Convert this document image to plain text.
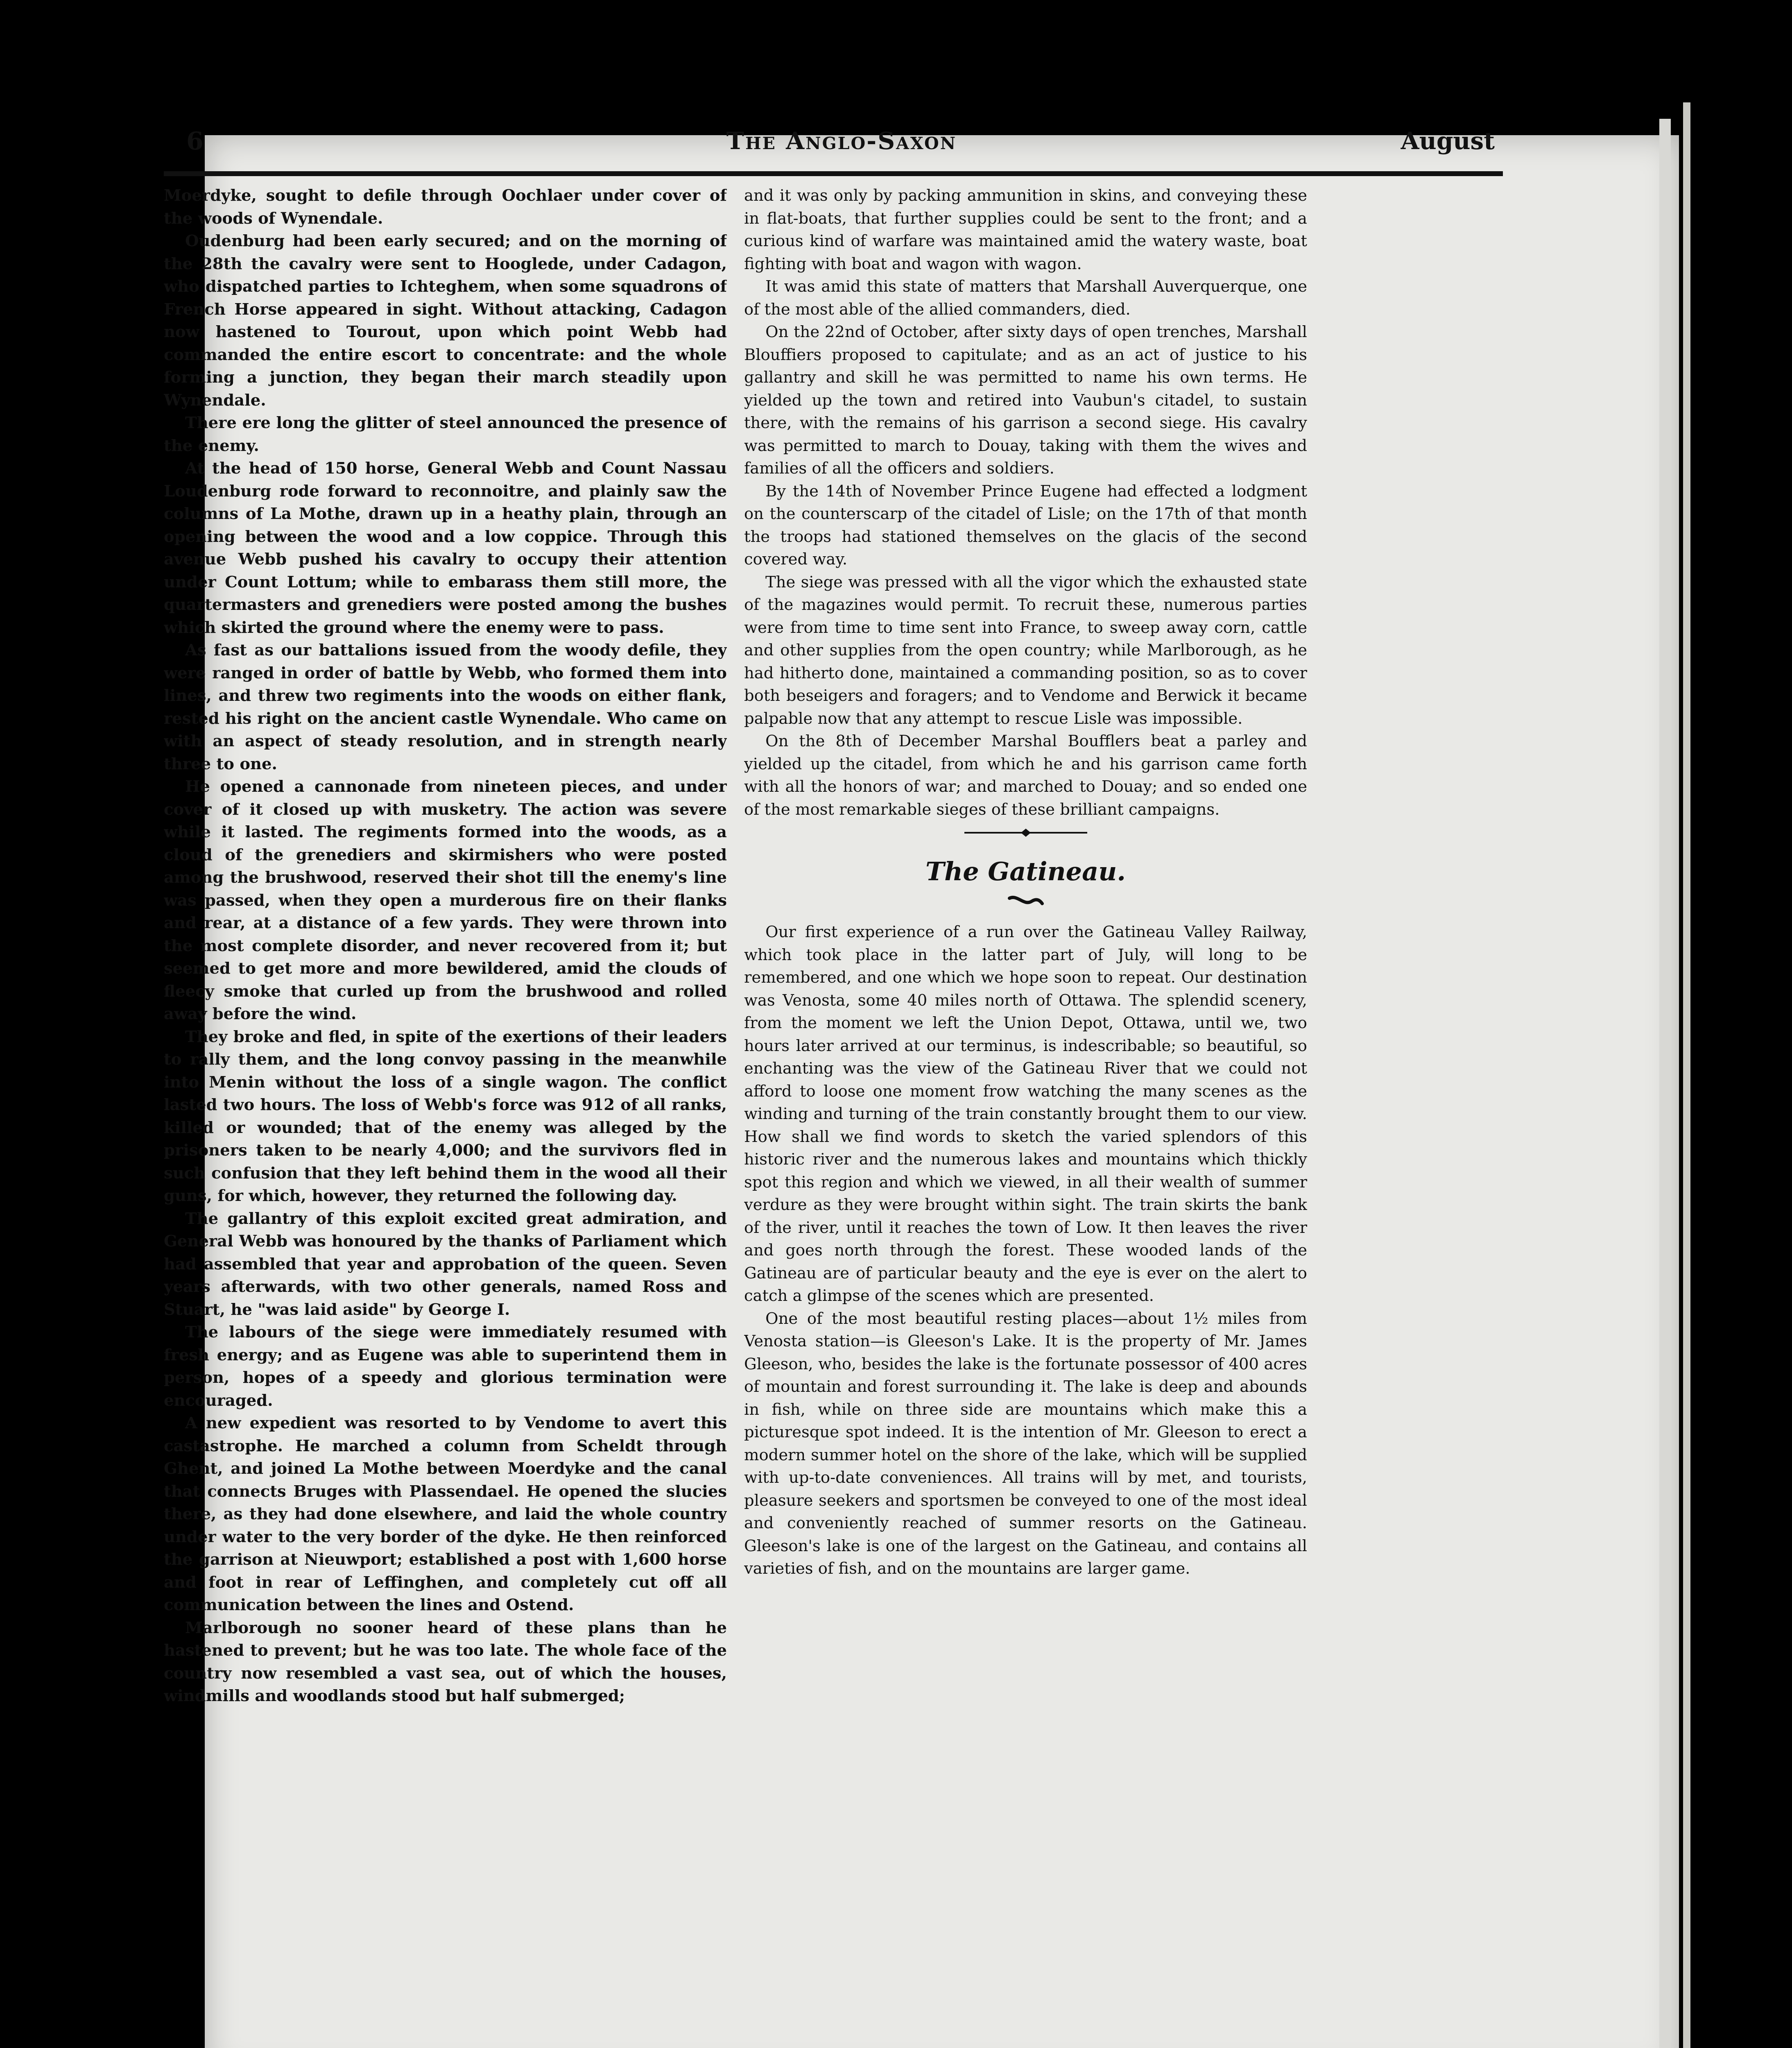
6	The Anglo-Saxon	August

Moerdyke, sought to defile through Oochlaer under cover of the woods of Wynendale.

Oudenburg had been early secured; and on the morning of the 28th the cavalry were sent to Hooglede, under Cadagon, who dispatched parties to Ichteghem, when some squadrons of French Horse appeared in sight. Without attacking, Cadagon now hastened to Tourout, upon which point Webb had commanded the entire escort to concentrate: and the whole forming a junction, they began their march steadily upon Wynendale.

There ere long the glitter of steel announced the presence of the enemy.

At the head of 150 horse, General Webb and Count Nassau Loudenburg rode forward to reconnoitre, and plainly saw the columns of La Mothe, drawn up in a heathy plain, through an opening between the wood and a low coppice. Through this avenue Webb pushed his cavalry to occupy their attention under Count Lottum; while to embarass them still more, the quartermasters and grenediers were posted among the bushes which skirted the ground where the enemy were to pass.

As fast as our battalions issued from the woody defile, they were ranged in order of battle by Webb, who formed them into lines, and threw two regiments into the woods on either flank, rested his right on the ancient castle Wynendale. Who came on with an aspect of steady resolution, and in strength nearly three to one.

He opened a cannonade from nineteen pieces, and under cover of it closed up with musketry. The action was severe while it lasted. The regiments formed into the woods, as a cloud of the grenediers and skirmishers who were posted among the brushwood, reserved their shot till the enemy's line was passed, when they open a murderous fire on their flanks and rear, at a distance of a few yards. They were thrown into the most complete disorder, and never recovered from it; but seemed to get more and more bewildered, amid the clouds of fleecy smoke that curled up from the brushwood and rolled away before the wind.

They broke and fled, in spite of the exertions of their leaders to rally them, and the long convoy passing in the meanwhile into Menin without the loss of a single wagon. The conflict lasted two hours. The loss of Webb's force was 912 of all ranks, killed or wounded; that of the enemy was alleged by the prisoners taken to be nearly 4,000; and the survivors fled in such confusion that they left behind them in the wood all their guns, for which, however, they returned the following day.

The gallantry of this exploit excited great admiration, and General Webb was honoured by the thanks of Parliament which had assembled that year and approbation of the queen. Seven years afterwards, with two other generals, named Ross and Stuart, he "was laid aside" by George I.

The labours of the siege were immediately resumed with fresh energy; and as Eugene was able to superintend them in person, hopes of a speedy and glorious termination were encouraged.

A new expedient was resorted to by Vendome to avert this castastrophe. He marched a column from Scheldt through Ghent, and joined La Mothe between Moerdyke and the canal that connects Bruges with Plassendael. He opened the slucies there, as they had done elsewhere, and laid the whole country under water to the very border of the dyke. He then reinforced the garrison at Nieuwport; established a post with 1,600 horse and foot in rear of Leffinghen, and completely cut off all communication between the lines and Ostend.

Marlborough no sooner heard of these plans than he hastened to prevent; but he was too late. The whole face of the country now resembled a vast sea, out of which the houses, windmills and woodlands stood but half submerged;

and it was only by packing ammunition in skins, and conveying these in flat-boats, that further supplies could be sent to the front; and a curious kind of warfare was maintained amid the watery waste, boat fighting with boat and wagon with wagon.

It was amid this state of matters that Marshall Auverquerque, one of the most able of the allied commanders, died.

On the 22nd of October, after sixty days of open trenches, Marshall Blouffiers proposed to capitulate; and as an act of justice to his gallantry and skill he was permitted to name his own terms. He yielded up the town and retired into Vaubun's citadel, to sustain there, with the remains of his garrison a second siege. His cavalry was permitted to march to Douay, taking with them the wives and families of all the officers and soldiers.

By the 14th of November Prince Eugene had effected a lodgment on the counterscarp of the citadel of Lisle; on the 17th of that month the troops had stationed themselves on the glacis of the second covered way.

The siege was pressed with all the vigor which the exhausted state of the magazines would permit. To recruit these, numerous parties were from time to time sent into France, to sweep away corn, cattle and other supplies from the open country; while Marlborough, as he had hitherto done, maintained a commanding position, so as to cover both beseigers and foragers; and to Vendome and Berwick it became palpable now that any attempt to rescue Lisle was impossible.

On the 8th of December Marshal Boufflers beat a parley and yielded up the citadel, from which he and his garrison came forth with all the honors of war; and marched to Douay; and so ended one of the most remarkable sieges of these brilliant campaigns.

The Gatineau.

Our first experience of a run over the Gatineau Valley Railway, which took place in the latter part of July, will long to be remembered, and one which we hope soon to repeat. Our destination was Venosta, some 40 miles north of Ottawa. The splendid scenery, from the moment we left the Union Depot, Ottawa, until we, two hours later arrived at our terminus, is indescribable; so beautiful, so enchanting was the view of the Gatineau River that we could not afford to loose one moment frow watching the many scenes as the winding and turning of the train constantly brought them to our view. How shall we find words to sketch the varied splendors of this historic river and the numerous lakes and mountains which thickly spot this region and which we viewed, in all their wealth of summer verdure as they were brought within sight. The train skirts the bank of the river, until it reaches the town of Low. It then leaves the river and goes north through the forest. These wooded lands of the Gatineau are of particular beauty and the eye is ever on the alert to catch a glimpse of the scenes which are presented.

One of the most beautiful resting places—about 1½ miles from Venosta station—is Gleeson's Lake. It is the property of Mr. James Gleeson, who, besides the lake is the fortunate possessor of 400 acres of mountain and forest surrounding it. The lake is deep and abounds in fish, while on three side are mountains which make this a picturesque spot indeed. It is the intention of Mr. Gleeson to erect a modern summer hotel on the shore of the lake, which will be supplied with up-to-date conveniences. All trains will by met, and tourists, pleasure seekers and sportsmen be conveyed to one of the most ideal and conveniently reached of summer resorts on the Gatineau. Gleeson's lake is one of the largest on the Gatineau, and contains all varieties of fish, and on the mountains are larger game.
